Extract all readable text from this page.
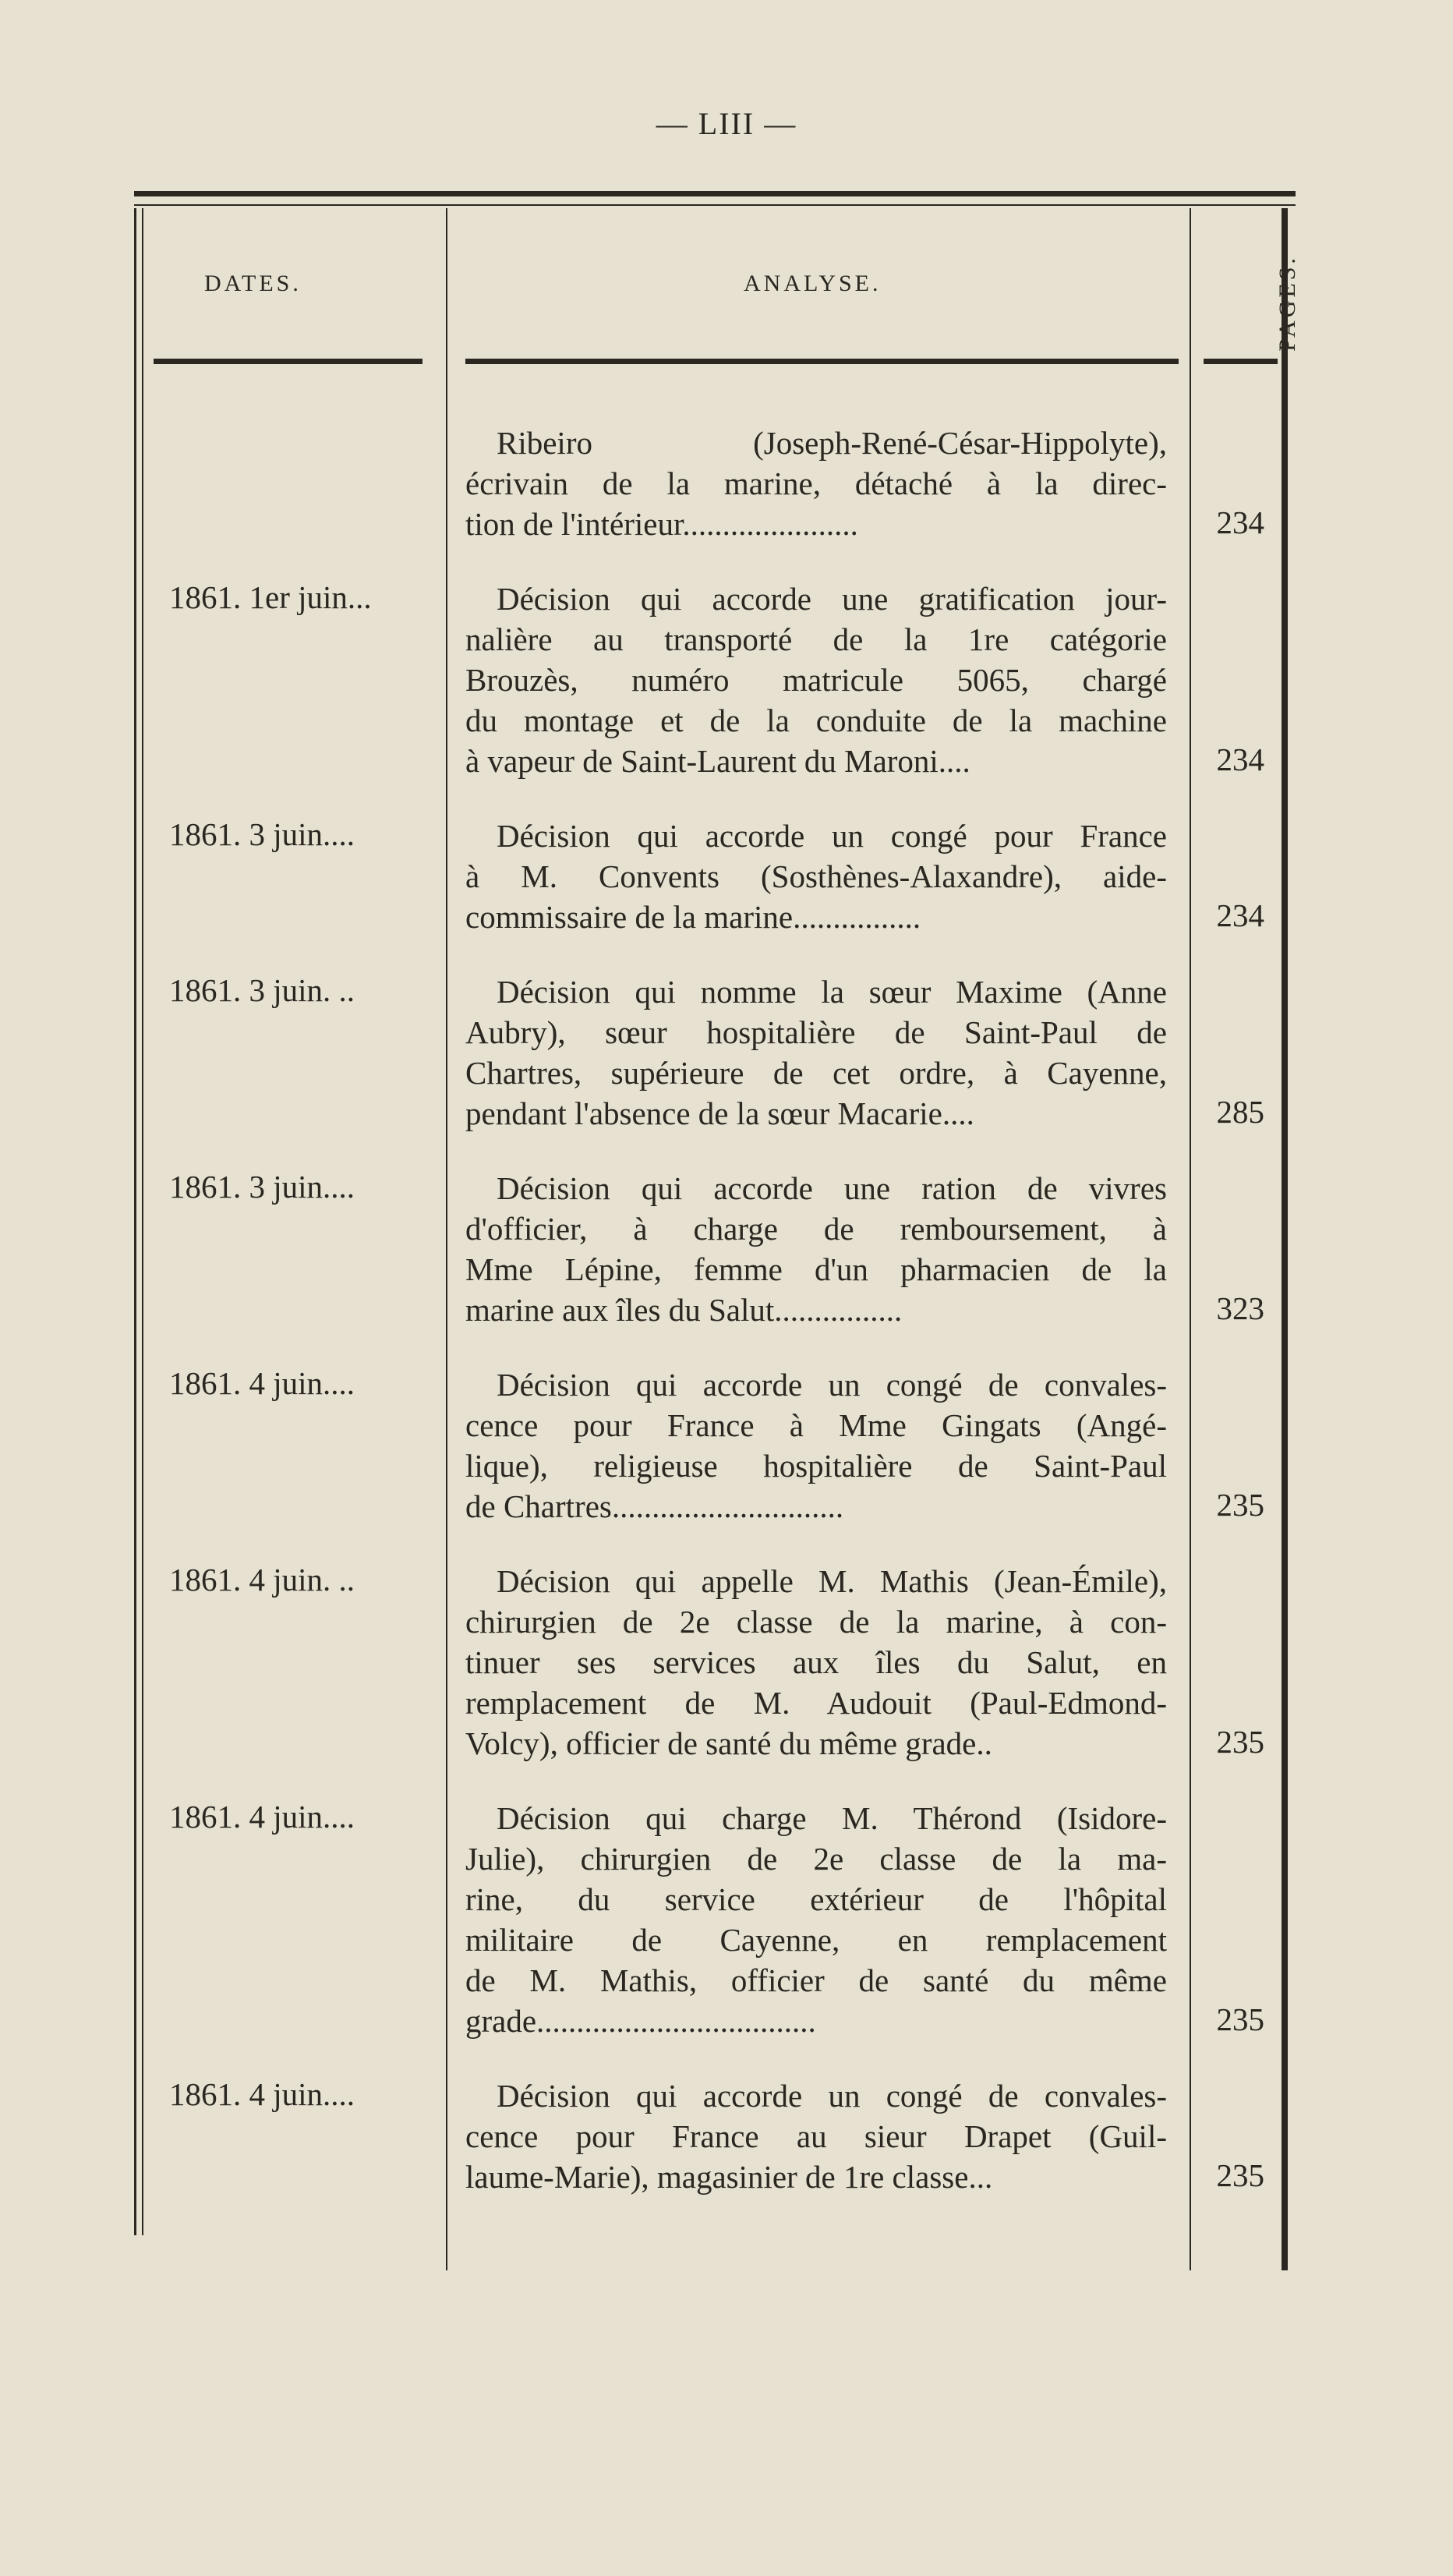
— LIII —
DATES.	ANALYSE.	PAGES.
Ribeiro (Joseph-René-César-Hippolyte),
écrivain de la marine, détaché à la direc-
tion de l'intérieur......................	234
1861. 1er juin...	Décision qui accorde une gratification jour-
nalière au transporté de la 1re catégorie
Brouzès, numéro matricule 5065, chargé
du montage et de la conduite de la machine
à vapeur de Saint-Laurent du Maroni....	234
1861. 3 juin....	Décision qui accorde un congé pour France
à M. Convents (Sosthènes-Alaxandre), aide-
commissaire de la marine................	234
1861. 3 juin. ..	Décision qui nomme la sœur Maxime (Anne
Aubry), sœur hospitalière de Saint-Paul de
Chartres, supérieure de cet ordre, à Cayenne,
pendant l'absence de la sœur Macarie....	285
1861. 3 juin....	Décision qui accorde une ration de vivres
d'officier, à charge de remboursement, à
Mme Lépine, femme d'un pharmacien de la
marine aux îles du Salut................	323
1861. 4 juin....	Décision qui accorde un congé de convales-
cence pour France à Mme Gingats (Angé-
lique), religieuse hospitalière de Saint-Paul
de Chartres.............................	235
1861. 4 juin. ..	Décision qui appelle M. Mathis (Jean-Émile),
chirurgien de 2e classe de la marine, à con-
tinuer ses services aux îles du Salut, en
remplacement de M. Audouit (Paul-Edmond-
Volcy), officier de santé du même grade..	235
1861. 4 juin....	Décision qui charge M. Thérond (Isidore-
Julie), chirurgien de 2e classe de la ma-
rine, du service extérieur de l'hôpital
militaire de Cayenne, en remplacement
de M. Mathis, officier de santé du même
grade...................................	235
1861. 4 juin....	Décision qui accorde un congé de convales-
cence pour France au sieur Drapet (Guil-
laume-Marie), magasinier de 1re classe...	235
